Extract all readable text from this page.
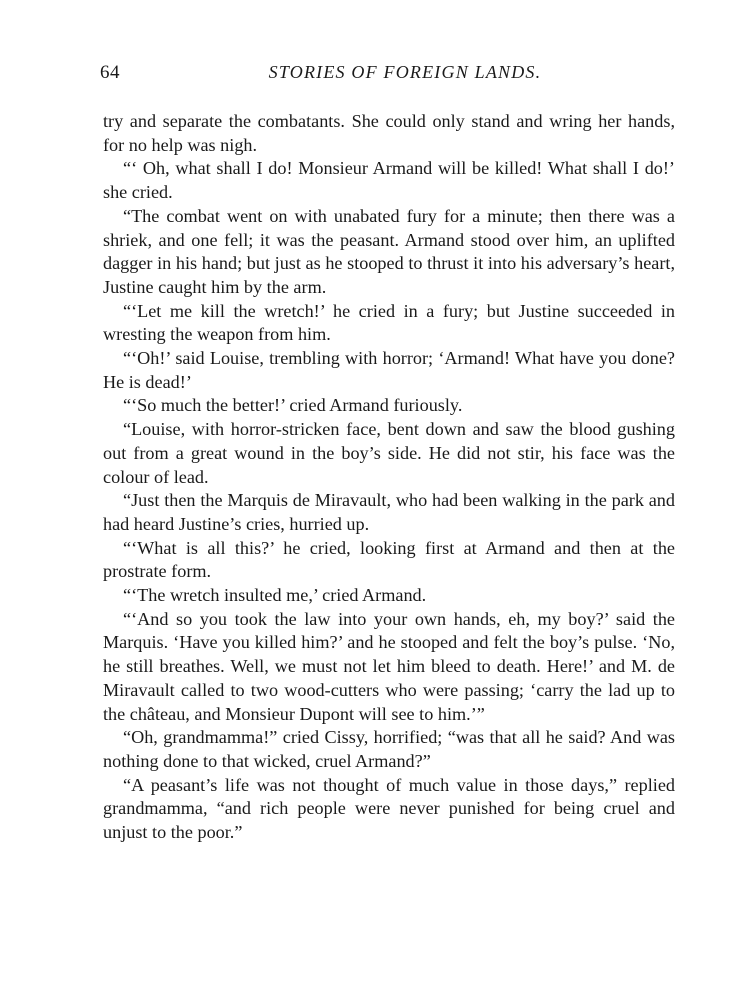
64	STORIES OF FOREIGN LANDS.

try and separate the combatants. She could only stand and wring her hands, for no help was nigh.

“‘ Oh, what shall I do! Monsieur Armand will be killed! What shall I do!’ she cried.

“The combat went on with unabated fury for a minute; then there was a shriek, and one fell; it was the peasant. Armand stood over him, an uplifted dagger in his hand; but just as he stooped to thrust it into his adversary’s heart, Justine caught him by the arm.

“‘Let me kill the wretch!’ he cried in a fury; but Justine succeeded in wresting the weapon from him.

“‘Oh!’ said Louise, trembling with horror; ‘Armand! What have you done? He is dead!’

“‘So much the better!’ cried Armand furiously.

“Louise, with horror-stricken face, bent down and saw the blood gushing out from a great wound in the boy’s side. He did not stir, his face was the colour of lead.

“Just then the Marquis de Miravault, who had been walking in the park and had heard Justine’s cries, hurried up.

“‘What is all this?’ he cried, looking first at Armand and then at the prostrate form.

“‘The wretch insulted me,’ cried Armand.

“‘And so you took the law into your own hands, eh, my boy?’ said the Marquis. ‘Have you killed him?’ and he stooped and felt the boy’s pulse. ‘No, he still breathes. Well, we must not let him bleed to death. Here!’ and M. de Miravault called to two wood-cutters who were passing; ‘carry the lad up to the château, and Monsieur Dupont will see to him.’”

“Oh, grandmamma!” cried Cissy, horrified; “was that all he said? And was nothing done to that wicked, cruel Armand?”

“A peasant’s life was not thought of much value in those days,” replied grandmamma, “and rich people were never punished for being cruel and unjust to the poor.”
